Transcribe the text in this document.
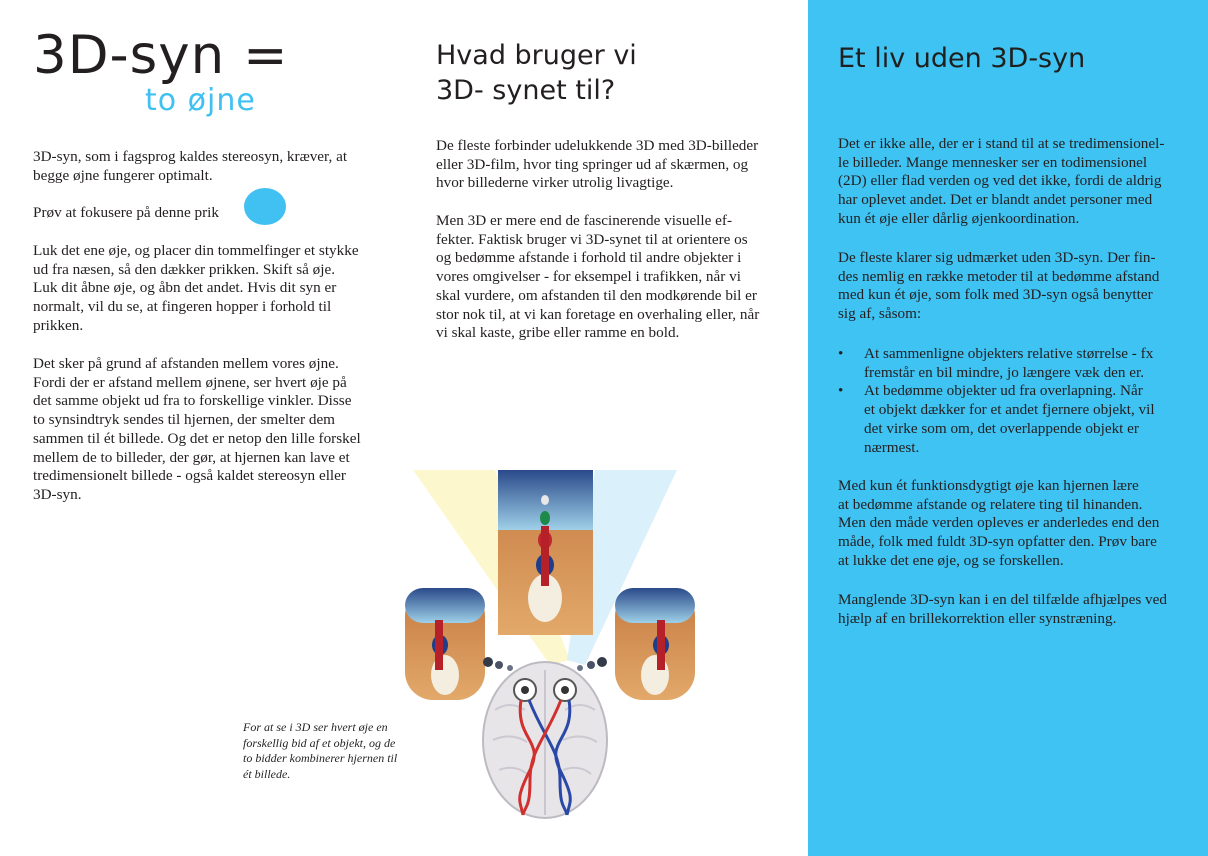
3D-syn =
to øjne

3D-syn, som i fagsprog kaldes stereosyn, kræver, at
begge øjne fungerer optimalt.

Prøv at fokusere på denne prik

Luk det ene øje, og placer din tommelfinger et stykke
ud fra næsen, så den dækker prikken. Skift så øje.
Luk dit åbne øje, og åbn det andet. Hvis dit syn er
normalt, vil du se, at fingeren hopper i forhold til
prikken.

Det sker på grund af afstanden mellem vores øjne.
Fordi der er afstand mellem øjnene, ser hvert øje på
det samme objekt ud fra to forskellige vinkler. Disse
to synsindtryk sendes til hjernen, der smelter dem
sammen til ét billede. Og det er netop den lille forskel
mellem de to billeder, der gør, at hjernen kan lave et
tredimensionelt billede - også kaldet stereosyn eller
3D-syn.

Hvad bruger vi
3D- synet til?

De fleste forbinder udelukkende 3D med 3D-billeder
eller 3D-film, hvor ting springer ud af skærmen, og
hvor billederne virker utrolig livagtige.

Men 3D er mere end de fascinerende visuelle ef-
fekter. Faktisk bruger vi 3D-synet til at orientere os
og bedømme afstande i forhold til andre objekter i
vores omgivelser - for eksempel i trafikken, når vi
skal vurdere, om afstanden til den modkørende bil er
stor nok til, at vi kan foretage en overhaling eller, når
vi skal kaste, gribe eller ramme en bold.

For at se i 3D ser hvert øje en
forskellig bid af et objekt, og de
to bidder kombinerer hjernen til
ét billede.
Et liv uden 3D-syn

Det er ikke alle, der er i stand til at se tredimensionel-
le billeder. Mange mennesker ser en todimensionel
(2D) eller flad verden og ved det ikke, fordi de aldrig
har oplevet andet. Det er blandt andet personer med
kun ét øje eller dårlig øjenkoordination.

De fleste klarer sig udmærket uden 3D-syn. Der fin-
des nemlig en række metoder til at bedømme afstand
med kun ét øje, som folk med 3D-syn også benytter
sig af, såsom:

• At sammenligne objekters relative størrelse - fx
fremstår en bil mindre, jo længere væk den er.
• At bedømme objekter ud fra overlapning. Når
et objekt dækker for et andet fjernere objekt, vil
det virke som om, det overlappende objekt er
nærmest.

Med kun ét funktionsdygtigt øje kan hjernen lære
at bedømme afstande og relatere ting til hinanden.
Men den måde verden opleves er anderledes end den
måde, folk med fuldt 3D-syn opfatter den. Prøv bare
at lukke det ene øje, og se forskellen.

Manglende 3D-syn kan i en del tilfælde afhjælpes ved
hjælp af en brillekorrektion eller synstræning.
